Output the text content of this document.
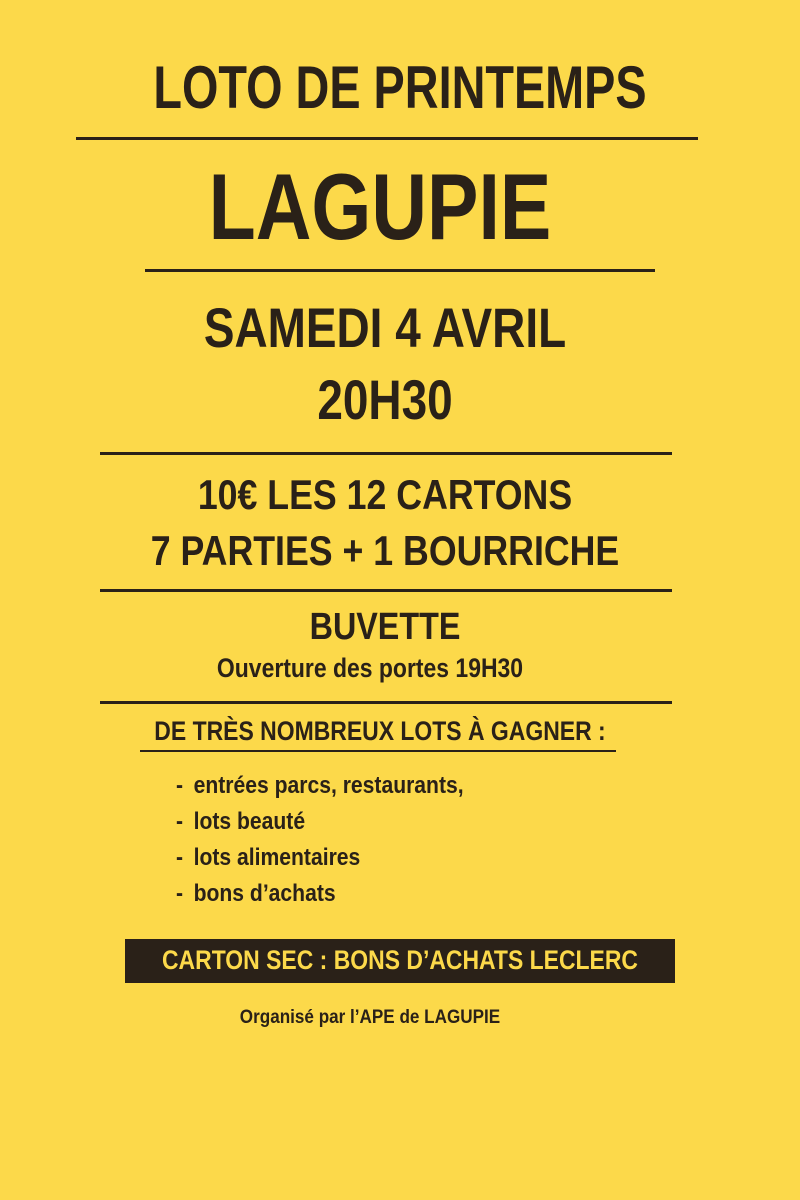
LOTO DE PRINTEMPS
LAGUPIE
SAMEDI 4 AVRIL
20H30
10€ LES 12 CARTONS
7 PARTIES + 1 BOURRICHE
BUVETTE
Ouverture des portes 19H30
DE TRÈS NOMBREUX LOTS À GAGNER :
- entrées parcs, restaurants,
- lots beauté
- lots alimentaires
- bons d’achats
CARTON SEC : BONS D’ACHATS LECLERC
Organisé par l’APE de LAGUPIE
